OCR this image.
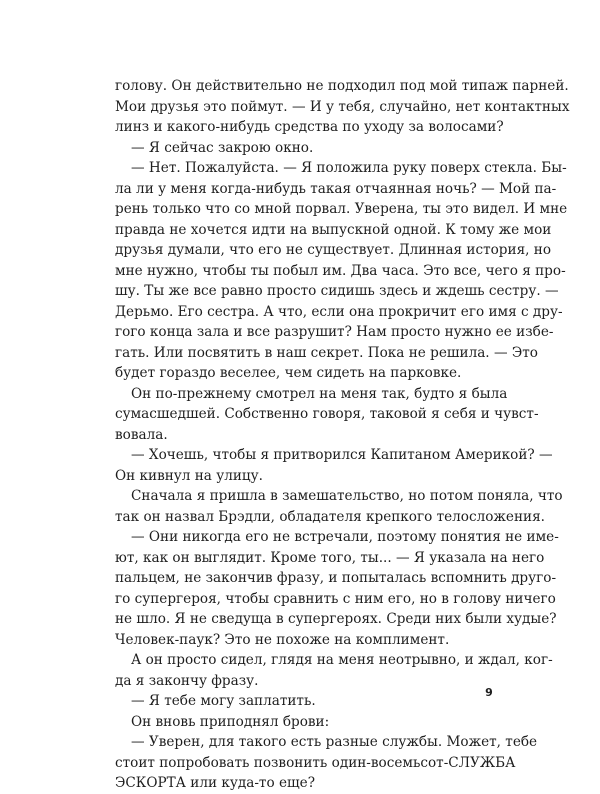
голову. Он действительно не подходил под мой типаж парней.
Мои друзья это поймут. — И у тебя, случайно, нет контактных
линз и какого-нибудь средства по уходу за волосами?
— Я сейчас закрою окно.
— Нет. Пожалуйста. — Я положила руку поверх стекла. Бы-
ла ли у меня когда-нибудь такая отчаянная ночь? — Мой па-
рень только что со мной порвал. Уверена, ты это видел. И мне
правда не хочется идти на выпускной одной. К тому же мои
друзья думали, что его не существует. Длинная история, но
мне нужно, чтобы ты побыл им. Два часа. Это все, чего я про-
шу. Ты же все равно просто сидишь здесь и ждешь сестру. —
Дерьмо. Его сестра. А что, если она прокричит его имя с дру-
гого конца зала и все разрушит? Нам просто нужно ее избе-
гать. Или посвятить в наш секрет. Пока не решила. — Это
будет гораздо веселее, чем сидеть на парковке.
Он по-прежнему смотрел на меня так, будто я была
сумасшедшей. Собственно говоря, таковой я себя и чувст-
вовала.
— Хочешь, чтобы я притворился Капитаном Америкой? —
Он кивнул на улицу.
Сначала я пришла в замешательство, но потом поняла, что
так он назвал Брэдли, обладателя крепкого телосложения.
— Они никогда его не встречали, поэтому понятия не име-
ют, как он выглядит. Кроме того, ты... — Я указала на него
пальцем, не закончив фразу, и попыталась вспомнить друго-
го супергероя, чтобы сравнить с ним его, но в голову ничего
не шло. Я не сведуща в супергероях. Среди них были худые?
Человек-паук? Это не похоже на комплимент.
А он просто сидел, глядя на меня неотрывно, и ждал, ког-
да я закончу фразу.
— Я тебе могу заплатить.
Он вновь приподнял брови:
— Уверен, для такого есть разные службы. Может, тебе
стоит попробовать позвонить один-восемьсот-СЛУЖБА
ЭСКОРТА или куда-то еще?
9
